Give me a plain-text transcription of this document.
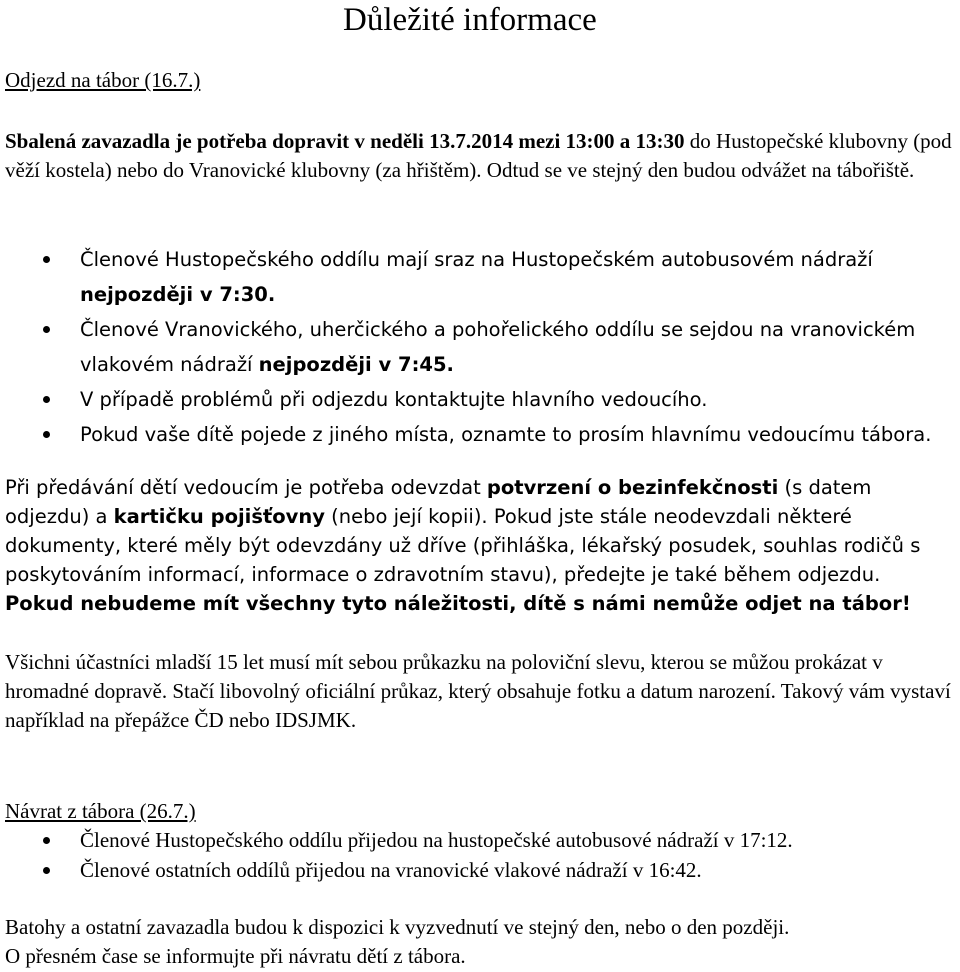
Důležité informace
Odjezd na tábor (16.7.)

Sbalená zavazadla je potřeba dopravit v neděli 13.7.2014 mezi 13:00 a 13:30 do Hustopečské klubovny (pod věží kostela) nebo do Vranovické klubovny (za hřištěm). Odtud se ve stejný den budou odvážet na tábořiště.

Členové Hustopečského oddílu mají sraz na Hustopečském autobusovém nádraží nejpozději v 7:30.
Členové Vranovického, uherčického a pohořelického oddílu se sejdou na vranovickém vlakovém nádraží nejpozději v 7:45.
V případě problémů při odjezdu kontaktujte hlavního vedoucího.
Pokud vaše dítě pojede z jiného místa, oznamte to prosím hlavnímu vedoucímu tábora.

Při předávání dětí vedoucím je potřeba odevzdat potvrzení o bezinfekčnosti (s datem odjezdu) a kartičku pojišťovny (nebo její kopii). Pokud jste stále neodevzdali některé dokumenty, které měly být odevzdány už dříve (přihláška, lékařský posudek, souhlas rodičů s poskytováním informací, informace o zdravotním stavu), předejte je také během odjezdu.
Pokud nebudeme mít všechny tyto náležitosti, dítě s námi nemůže odjet na tábor!

Všichni účastníci mladší 15 let musí mít sebou průkazku na poloviční slevu, kterou se můžou prokázat v hromadné dopravě. Stačí libovolný oficiální průkaz, který obsahuje fotku a datum narození. Takový vám vystaví například na přepážce ČD nebo IDSJMK.

Návrat z tábora (26.7.)
Členové Hustopečského oddílu přijedou na hustopečské autobusové nádraží v 17:12.
Členové ostatních oddílů přijedou na vranovické vlakové nádraží v 16:42.

Batohy a ostatní zavazadla budou k dispozici k vyzvednutí ve stejný den, nebo o den později.
O přesném čase se informujte při návratu dětí z tábora.
